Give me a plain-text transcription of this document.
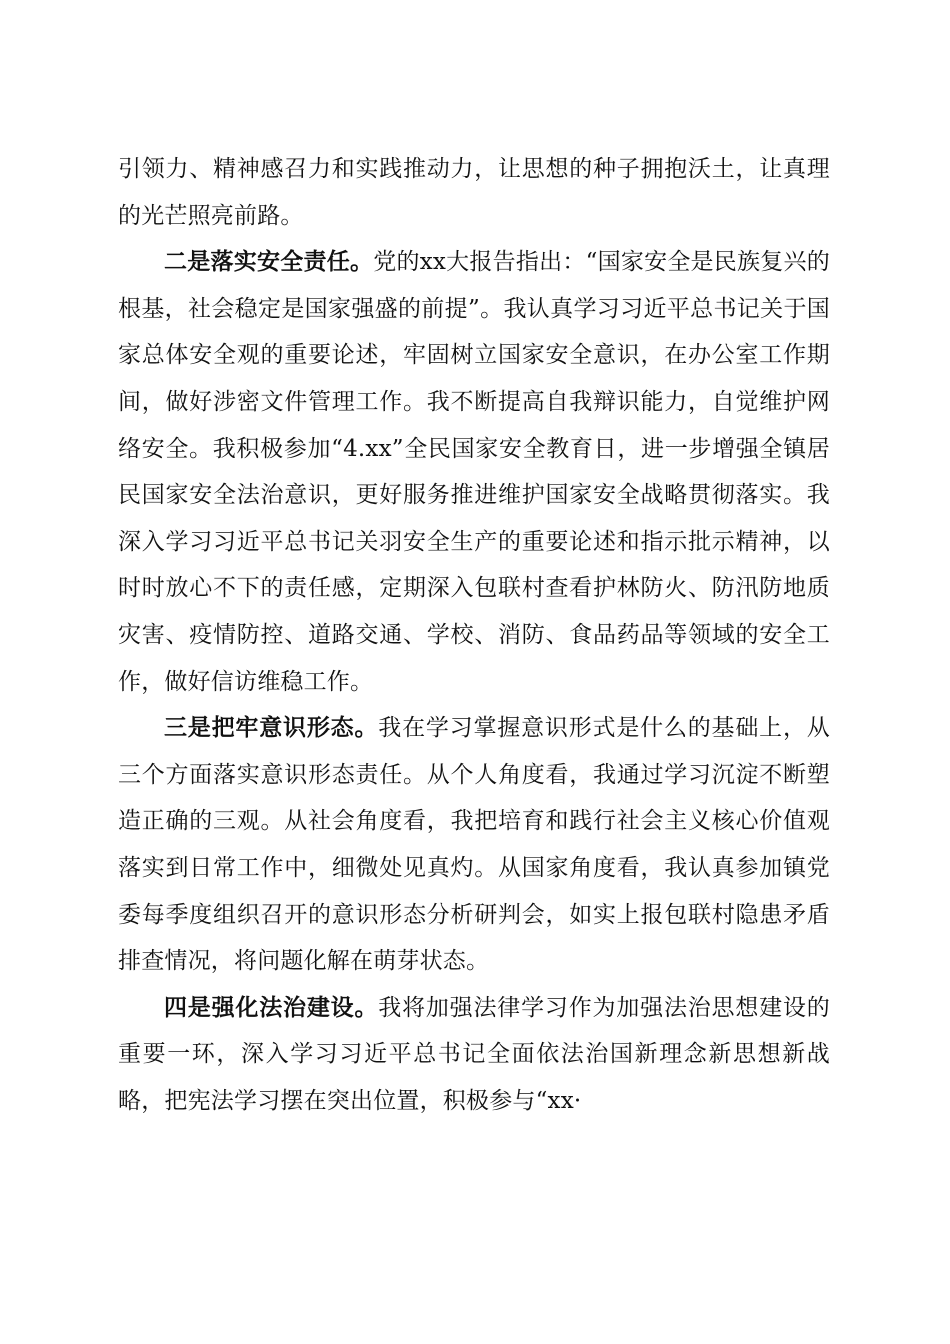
引领力、精神感召力和实践推动力，让思想的种子拥抱沃土，让真理的光芒照亮前路。

二是落实安全责任。党的xx大报告指出：“国家安全是民族复兴的根基，社会稳定是国家强盛的前提”。我认真学习习近平总书记关于国家总体安全观的重要论述，牢固树立国家安全意识，在办公室工作期间，做好涉密文件管理工作。我不断提高自我辩识能力，自觉维护网络安全。我积极参加“4.xx”全民国家安全教育日，进一步增强全镇居民国家安全法治意识，更好服务推进维护国家安全战略贯彻落实。我深入学习习近平总书记关羽安全生产的重要论述和指示批示精神，以时时放心不下的责任感，定期深入包联村查看护林防火、防汛防地质灾害、疫情防控、道路交通、学校、消防、食品药品等领域的安全工作，做好信访维稳工作。

三是把牢意识形态。我在学习掌握意识形式是什么的基础上，从三个方面落实意识形态责任。从个人角度看，我通过学习沉淀不断塑造正确的三观。从社会角度看，我把培育和践行社会主义核心价值观落实到日常工作中，细微处见真灼。从国家角度看，我认真参加镇党委每季度组织召开的意识形态分析研判会，如实上报包联村隐患矛盾排查情况，将问题化解在萌芽状态。

四是强化法治建设。我将加强法律学习作为加强法治思想建设的重要一环，深入学习习近平总书记全面依法治国新理念新思想新战略，把宪法学习摆在突出位置，积极参与“xx·
